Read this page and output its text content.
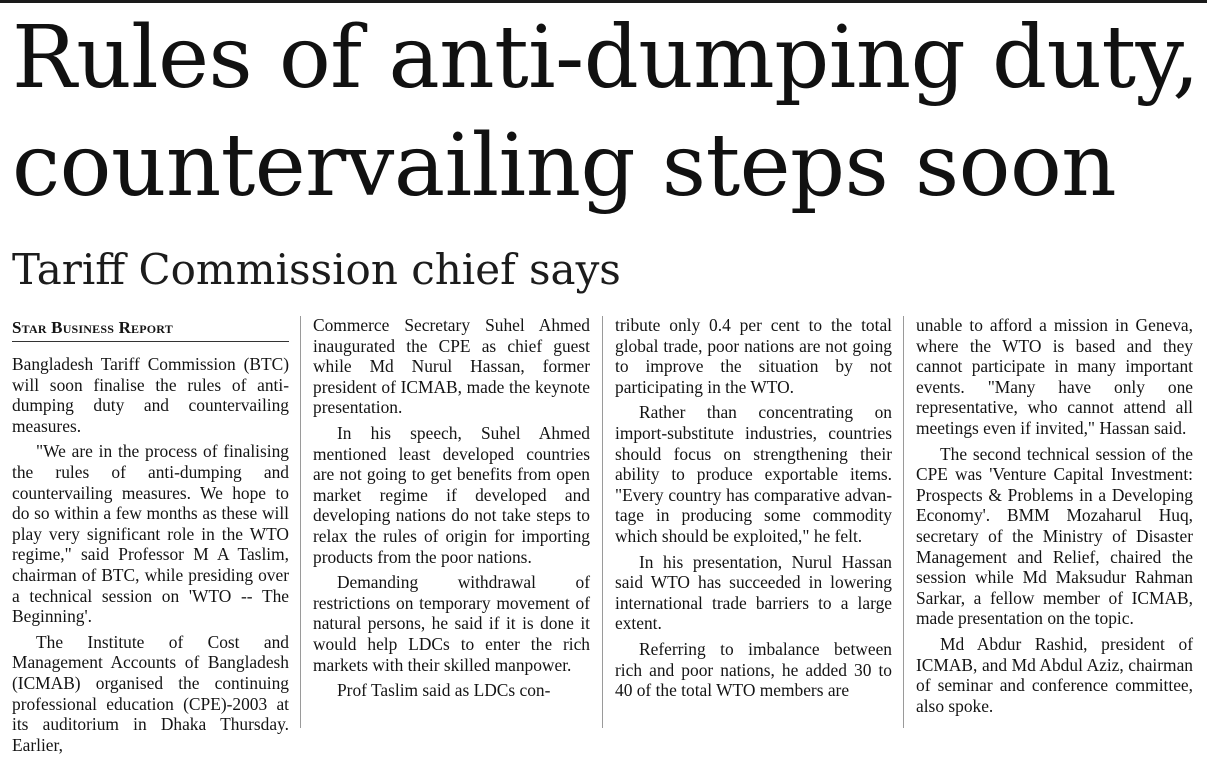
Rules of anti-dumping duty,
countervailing steps soon
Tariff Commission chief says
Star Business Report

Bangladesh Tariff Commission (BTC) will soon finalise the rules of anti-dumping duty and countervailing measures.

"We are in the process of finalising the rules of anti-dumping and countervailing measures. We hope to do so within a few months as these will play very significant role in the WTO regime," said Professor M A Taslim, chairman of BTC, while presiding over a technical session on 'WTO -- The Beginning'.

The Institute of Cost and Management Accounts of Bangladesh (ICMAB) organised the continuing professional education (CPE)-2003 at its auditorium in Dhaka Thursday. Earlier,

Commerce Secretary Suhel Ahmed inaugurated the CPE as chief guest while Md Nurul Hassan, former president of ICMAB, made the keynote presentation.

In his speech, Suhel Ahmed mentioned least developed countries are not going to get benefits from open market regime if developed and developing nations do not take steps to relax the rules of origin for importing products from the poor nations.

Demanding withdrawal of restrictions on temporary movement of natural persons, he said if it is done it would help LDCs to enter the rich markets with their skilled manpower.

Prof Taslim said as LDCs con-

tribute only 0.4 per cent to the total global trade, poor nations are not going to improve the situation by not participating in the WTO.

Rather than concentrating on import-substitute industries, countries should focus on strengthening their ability to produce exportable items. "Every country has comparative advantage in producing some commodity which should be exploited," he felt.

In his presentation, Nurul Hassan said WTO has succeeded in lowering international trade barriers to a large extent.

Referring to imbalance between rich and poor nations, he added 30 to 40 of the total WTO members are

unable to afford a mission in Geneva, where the WTO is based and they cannot participate in many important events. "Many have only one representative, who cannot attend all meetings even if invited," Hassan said.

The second technical session of the CPE was 'Venture Capital Investment: Prospects & Problems in a Developing Economy'. BMM Mozaharul Huq, secretary of the Ministry of Disaster Management and Relief, chaired the session while Md Maksudur Rahman Sarkar, a fellow member of ICMAB, made presentation on the topic.

Md Abdur Rashid, president of ICMAB, and Md Abdul Aziz, chairman of seminar and conference committee, also spoke.
